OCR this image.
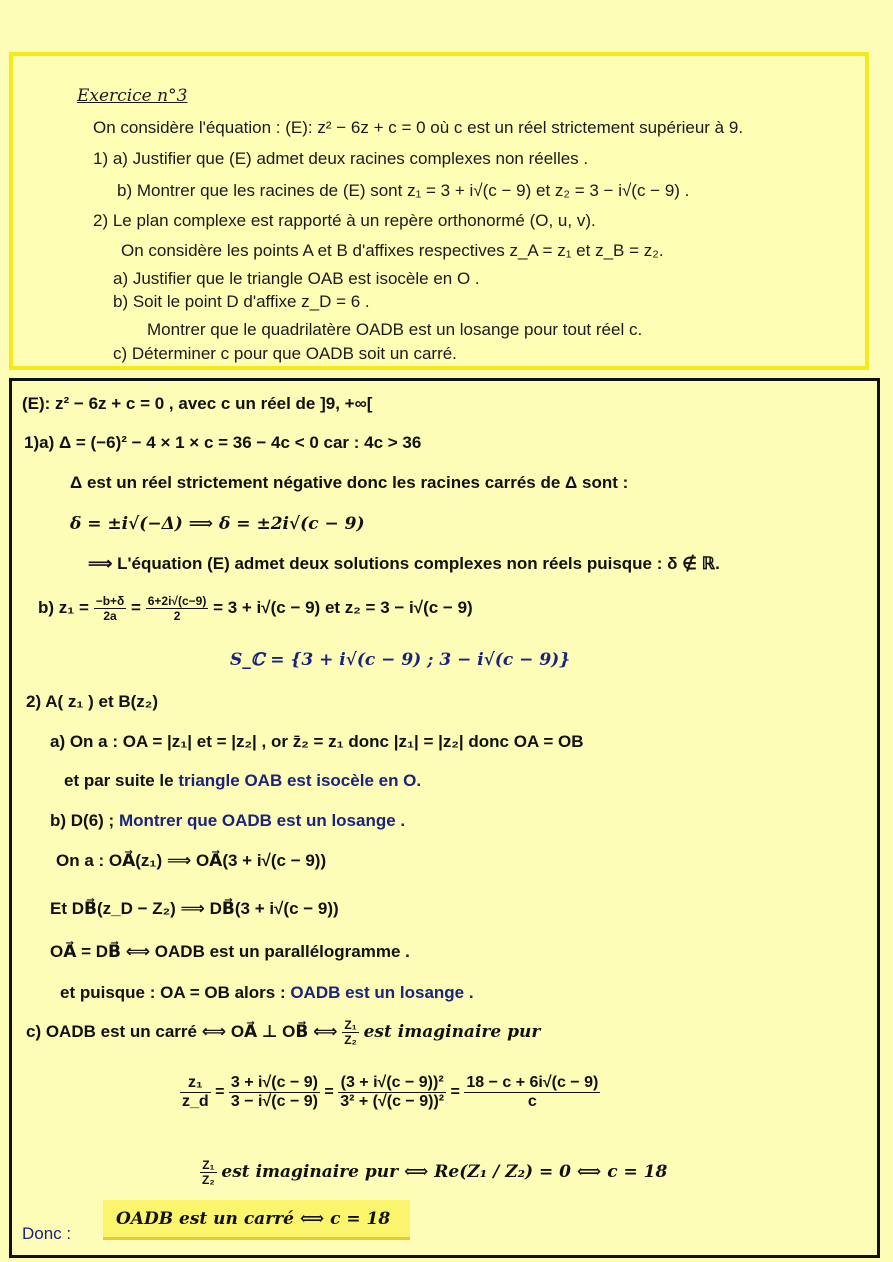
Exercice n°3
On considère l'équation : (E): z² − 6z + c = 0 où c est un réel strictement supérieur à 9.
1) a) Justifier que (E) admet deux racines complexes non réelles .
b) Montrer que les racines de (E) sont z₁ = 3 + i√(c − 9) et z₂ = 3 − i√(c − 9) .
2) Le plan complexe est rapporté à un repère orthonormé (O, u, v).
On considère les points A et B d'affixes respectives z_A = z₁ et z_B = z₂.
a) Justifier que le triangle OAB est isocèle en O .
b) Soit le point D d'affixe z_D = 6 .
Montrer que le quadrilatère OADB est un losange pour tout réel c.
c) Déterminer c pour que OADB soit un carré.
(E): z² − 6z + c = 0 , avec c un réel de ]9, +∞[
1)a) Δ = (−6)² − 4 × 1 × c = 36 − 4c < 0 car : 4c > 36
Δ est un réel strictement négative donc les racines carrés de Δ sont :
δ = ±i√(−Δ) ⟹ δ = ±2i√(c − 9)
⟹ L'équation (E) admet deux solutions complexes non réels puisque : δ ∉ ℝ.
b) $z_1 = \frac{-b+\delta}{2a} = \frac{6+2i√(c-9)}{2} = 3 + i√(c - 9)$ et z₂ = 3 − i√(c − 9)
S_ℂ = {3 + i√(c − 9) ; 3 − i√(c − 9)}
2) A( z₁ ) et B(z₂)
a) On a : OA = |z₁| et = |z₂| , or z̄₂ = z₁ donc |z₁| = |z₂| donc OA = OB
et par suite le triangle OAB est isocèle en O.
b) D(6) ; Montrer que OADB est un losange .
On a : OA⃗(z₁) ⟹ OA⃗(3 + i√(c − 9))
Et DB⃗(z_D − Z₂) ⟹ DB⃗(3 + i√(c − 9))
OA⃗ = DB⃗ ⟺ OADB est un parallélogramme .
et puisque : OA = OB alors : OADB est un losange .
c) OADB est un carré ⟺ OA⃗ ⊥ OB⃗ ⟺ $\frac{\text{Z₁}}{\text{Z₂}}$ est imaginaire pur
$\frac{\text{z₁}}{z\_d} = \frac{3 + i√(c - 9)}{3 - i√(c - 9)} = \frac{\text{(3 + i√(c − 9))²}}{\text{3² + (√(c − 9))²}} = \frac{18 - c + 6i√(c - 9)}{c}$
$\frac{\text{Z₁}}{\text{Z₂}}$ est imaginaire pur ⟺ Re(Z₁ / Z₂) = 0 ⟺ c = 18
OADB est un carré ⟺ c = 18
Donc :
